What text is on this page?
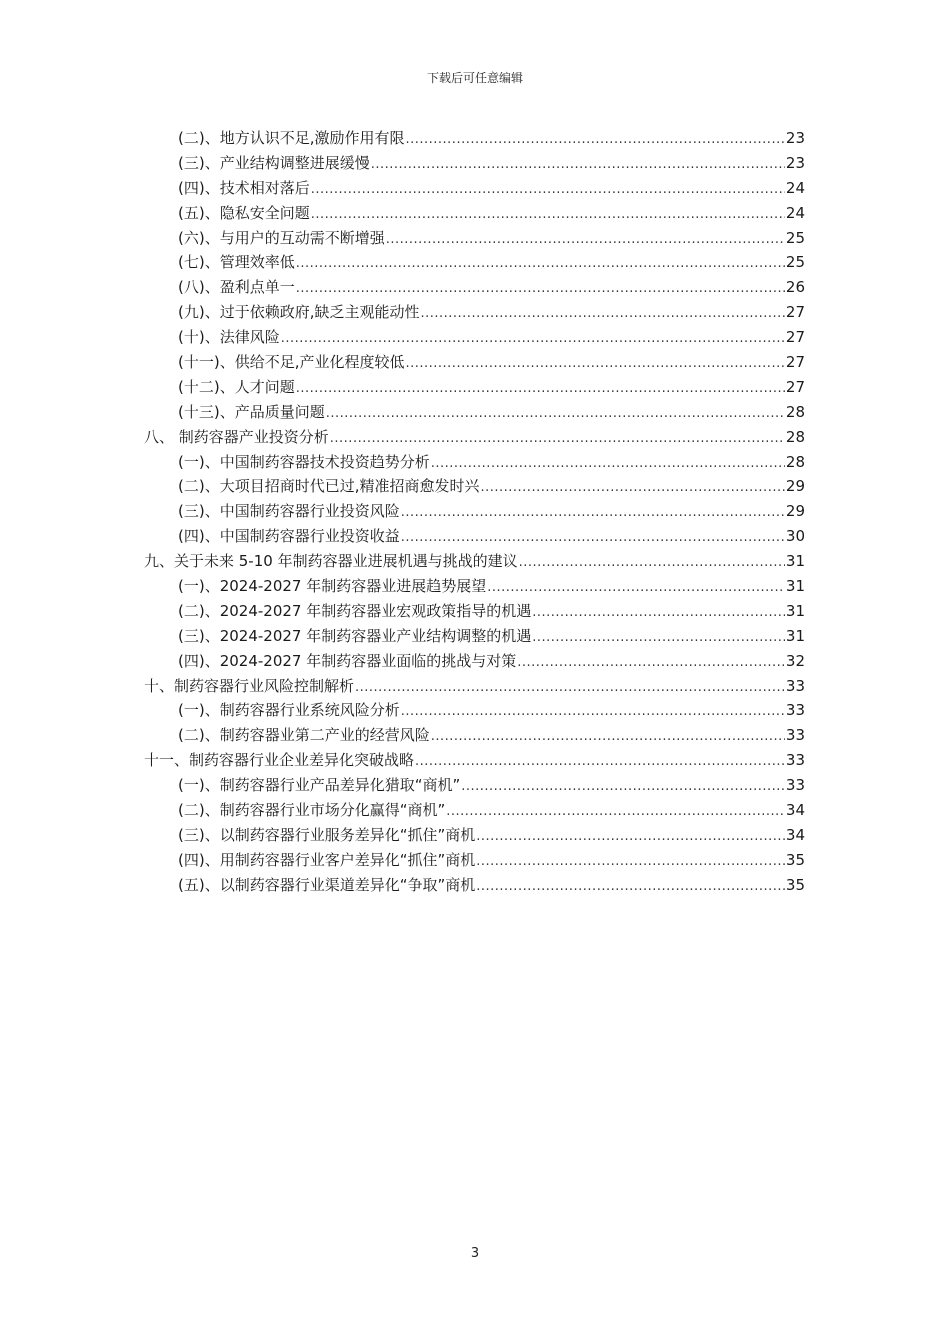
下载后可任意编辑
(二)、地方认识不足,激励作用有限 .....	23
(三)、产业结构调整进展缓慢 .....	23
(四)、技术相对落后 .....	24
(五)、隐私安全问题 .....	24
(六)、与用户的互动需不断增强 .....	25
(七)、管理效率低 .....	25
(八)、盈利点单一 .....	26
(九)、过于依赖政府,缺乏主观能动性 .....	27
(十)、法律风险 .....	27
(十一)、供给不足,产业化程度较低 .....	27
(十二)、人才问题 .....	27
(十三)、产品质量问题 .....	28
八、 制药容器产业投资分析 .....	28
(一)、中国制药容器技术投资趋势分析 .....	28
(二)、大项目招商时代已过,精准招商愈发时兴 .....	29
(三)、中国制药容器行业投资风险 .....	29
(四)、中国制药容器行业投资收益 .....	30
九、关于未来 5-10 年制药容器业进展机遇与挑战的建议 .....	31
(一)、2024-2027 年制药容器业进展趋势展望 .....	31
(二)、2024-2027 年制药容器业宏观政策指导的机遇 .....	31
(三)、2024-2027 年制药容器业产业结构调整的机遇 .....	31
(四)、2024-2027 年制药容器业面临的挑战与对策 .....	32
十、制药容器行业风险控制解析 .....	33
(一)、制药容器行业系统风险分析 .....	33
(二)、制药容器业第二产业的经营风险 .....	33
十一、制药容器行业企业差异化突破战略 .....	33
(一)、制药容器行业产品差异化猎取“商机” .....	33
(二)、制药容器行业市场分化赢得“商机” .....	34
(三)、以制药容器行业服务差异化“抓住”商机 .....	34
(四)、用制药容器行业客户差异化“抓住”商机 .....	35
(五)、以制药容器行业渠道差异化“争取”商机 .....	35
3
